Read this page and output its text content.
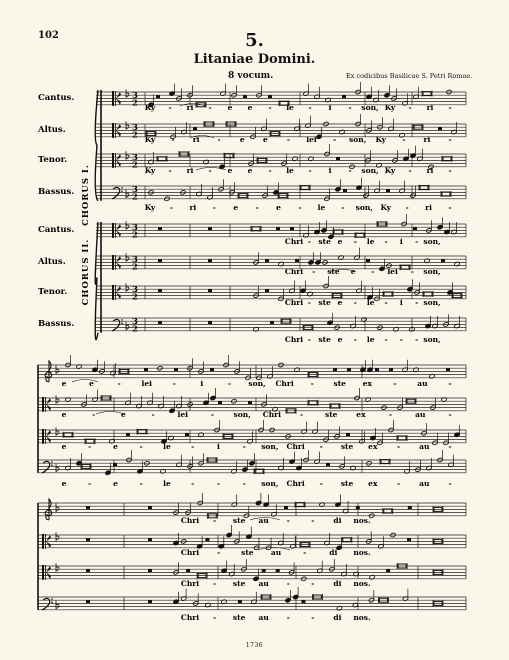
102	5.
Litaniae Domini.
8 vocum.	Ex codicibus Basilicae S. Petri Romae.
1736
Cantus.	3
2
Altus.	3
2
Tenor.	3
2
Bassus.	3
2
Cantus.	3
2
Altus.	3
2
Tenor.	3
2
Bassus.	3
2
CHORUS I.
CHORUS II.
Ky - ri - e e - le - i - son, Ky - ri -
Ky - ri -	e e	- lei - son, Ky - ri -
Ky - ri - e e - le - i - son, Ky - ri -
Ky - ri - e - e - le - son, Ky - ri -
Chri - ste e - le - i - son,
Chri - ste e - lei - son,
Chri - ste e - le - i - son,
Chri - ste e - le - - - son,
e	e	-	lei	-	i	- son, Chri -	ste ex	-	au	-
e	-	e	-	lei	-	son, Chri	-	ste	ex	-	au	-
e	-	e	-	le	-	i	- son, Chri - ste ex	-	au	-
e	-	e	-	le	-	-	- son, Chri - ste ex	-	au	-
Chri - ste au -	-	di nos.
Chri -	ste au	-	di nos.
Chri - ste au -	-	di nos.
Chri - ste au -	-	di nos.
